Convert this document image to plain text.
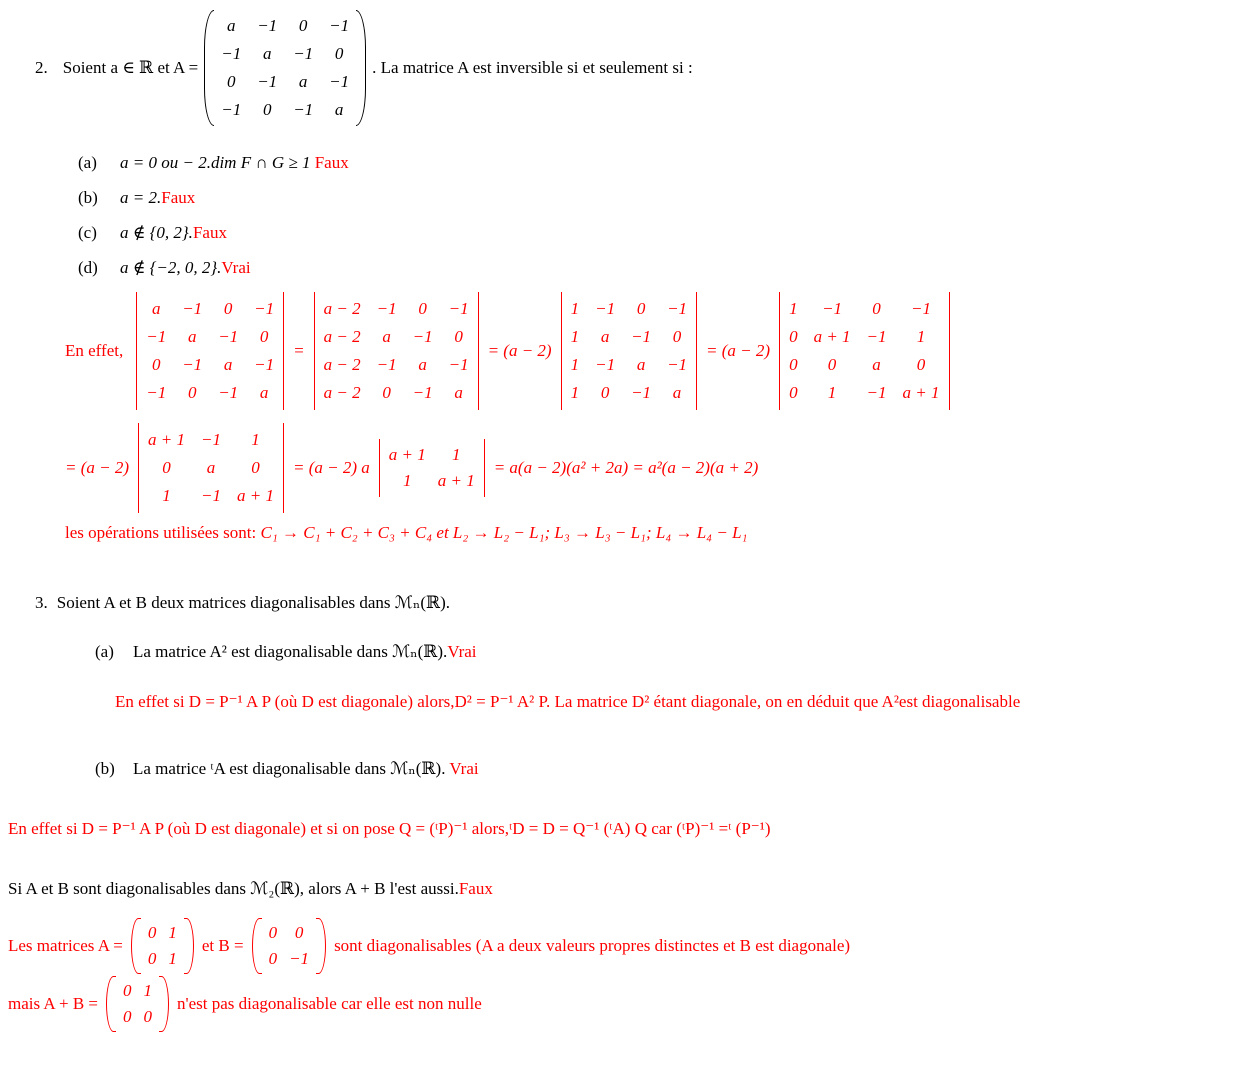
2. Soient a ∈ ℝ et A =
a −1 0 −1
−1 a −1 0
0 −1 a −1
−1 0 −1 a
. La matrice A est inversible si et seulement si :
(a) a = 0 ou − 2.dim F ∩ G ≥ 1 Faux
(b) a = 2.Faux
(c) a ∉ {0, 2}.Faux
(d) a ∉ {−2, 0, 2}.Vrai
En effet,
a −1 0 −1
−1 a −1 0
0 −1 a −1
−1 0 −1 a
=
a − 2 −1 0 −1
a − 2 a −1 0
a − 2 −1 a −1
a − 2 0 −1 a
= (a − 2)
1 −1 0 −1
1 a −1 0
1 −1 a −1
1 0 −1 a
= (a − 2)
1 −1 0 −1
0 a + 1 −1 1
0 0 a 0
0 1 −1 a + 1
= (a − 2)
a + 1 −1 1
0 a 0
1 −1 a + 1
= (a − 2) a
a + 1 1
1 a + 1
= a(a − 2)(a² + 2a) = a²(a − 2)(a + 2)
les opérations utilisées sont: C₁ → C₁ + C₂ + C₃ + C₄ et L₂ → L₂ − L₁; L₃ → L₃ − L₁; L₄ → L₄ − L₁
3. Soient A et B deux matrices diagonalisables dans ℳₙ(ℝ).
(a) La matrice A² est diagonalisable dans ℳₙ(ℝ).Vrai

En effet si D = P⁻¹ A P (où D est diagonale) alors,D² = P⁻¹ A² P. La matrice D² étant diagonale, on en déduit que A²est diagonalisable

(b) La matrice ᵗA est diagonalisable dans ℳₙ(ℝ). Vrai

En effet si D = P⁻¹ A P (où D est diagonale) et si on pose Q = (ᵗP)⁻¹ alors,ᵗD = D = Q⁻¹ (ᵗA) Q car (ᵗP)⁻¹ =ᵗ (P⁻¹)

Si A et B sont diagonalisables dans ℳ₂(ℝ), alors A + B l'est aussi.Faux

Les matrices A =
0 1
0 1
et B =
0 0
0 −1
sont diagonalisables (A a deux valeurs propres distinctes et B est diagonale)
mais A + B =
0 1
0 0
n'est pas diagonalisable car elle est non nulle
